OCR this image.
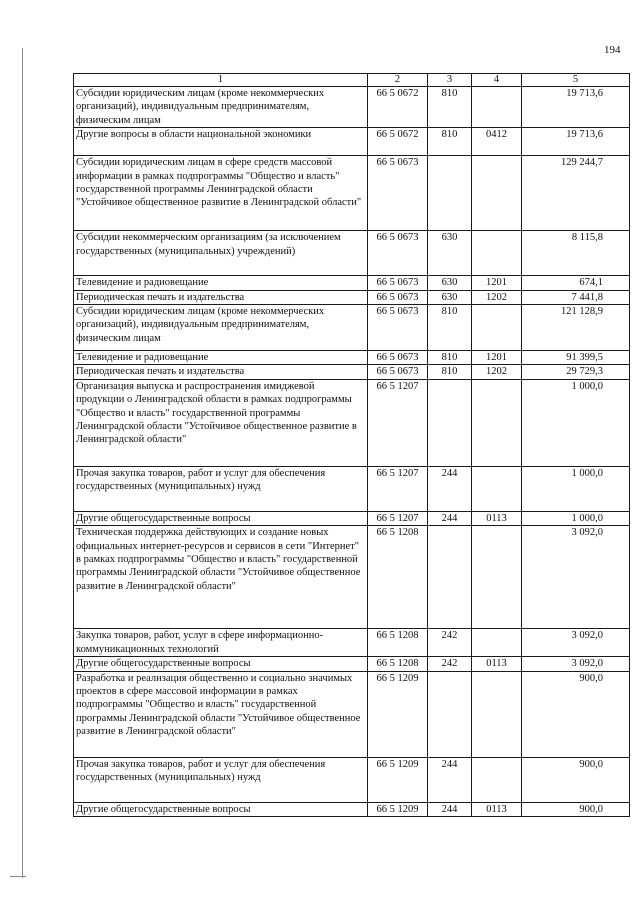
194
1	2	3	4	5
Субсидии юридическим лицам (кроме некоммерческих организаций), индивидуальным предпринимателям, физическим лицам	66 5 0672	810		19 713,6
Другие вопросы в области национальной экономики	66 5 0672	810	0412	19 713,6
Субсидии юридическим лицам в сфере средств массовой информации в рамках подпрограммы "Общество и власть" государственной программы Ленинградской области "Устойчивое общественное развитие в Ленинградской области"	66 5 0673			129 244,7
Субсидии некоммерческим организациям (за исключением государственных (муниципальных) учреждений)	66 5 0673	630		8 115,8
Телевидение и радиовещание	66 5 0673	630	1201	674,1
Периодическая печать и издательства	66 5 0673	630	1202	7 441,8
Субсидии юридическим лицам (кроме некоммерческих организаций), индивидуальным предпринимателям, физическим лицам	66 5 0673	810		121 128,9
Телевидение и радиовещание	66 5 0673	810	1201	91 399,5
Периодическая печать и издательства	66 5 0673	810	1202	29 729,3
Организация выпуска и распространения имиджевой продукции о Ленинградской области в рамках подпрограммы "Общество и власть" государственной программы Ленинградской области "Устойчивое общественное развитие в Ленинградской области"	66 5 1207			1 000,0
Прочая закупка товаров, работ и услуг для обеспечения государственных (муниципальных) нужд	66 5 1207	244		1 000,0
Другие общегосударственные вопросы	66 5 1207	244	0113	1 000,0
Техническая поддержка действующих и создание новых официальных интернет-ресурсов и сервисов в сети "Интернет" в рамках подпрограммы "Общество и власть" государственной программы Ленинградской области "Устойчивое общественное развитие в Ленинградской области"	66 5 1208			3 092,0
Закупка товаров, работ, услуг в сфере информационно-коммуникационных технологий	66 5 1208	242		3 092,0
Другие общегосударственные вопросы	66 5 1208	242	0113	3 092,0
Разработка и реализация общественно и социально значимых проектов в сфере массовой информации в рамках подпрограммы "Общество и власть" государственной программы Ленинградской области "Устойчивое общественное развитие в Ленинградской области"	66 5 1209			900,0
Прочая закупка товаров, работ и услуг для обеспечения государственных (муниципальных) нужд	66 5 1209	244		900,0
Другие общегосударственные вопросы	66 5 1209	244	0113	900,0
